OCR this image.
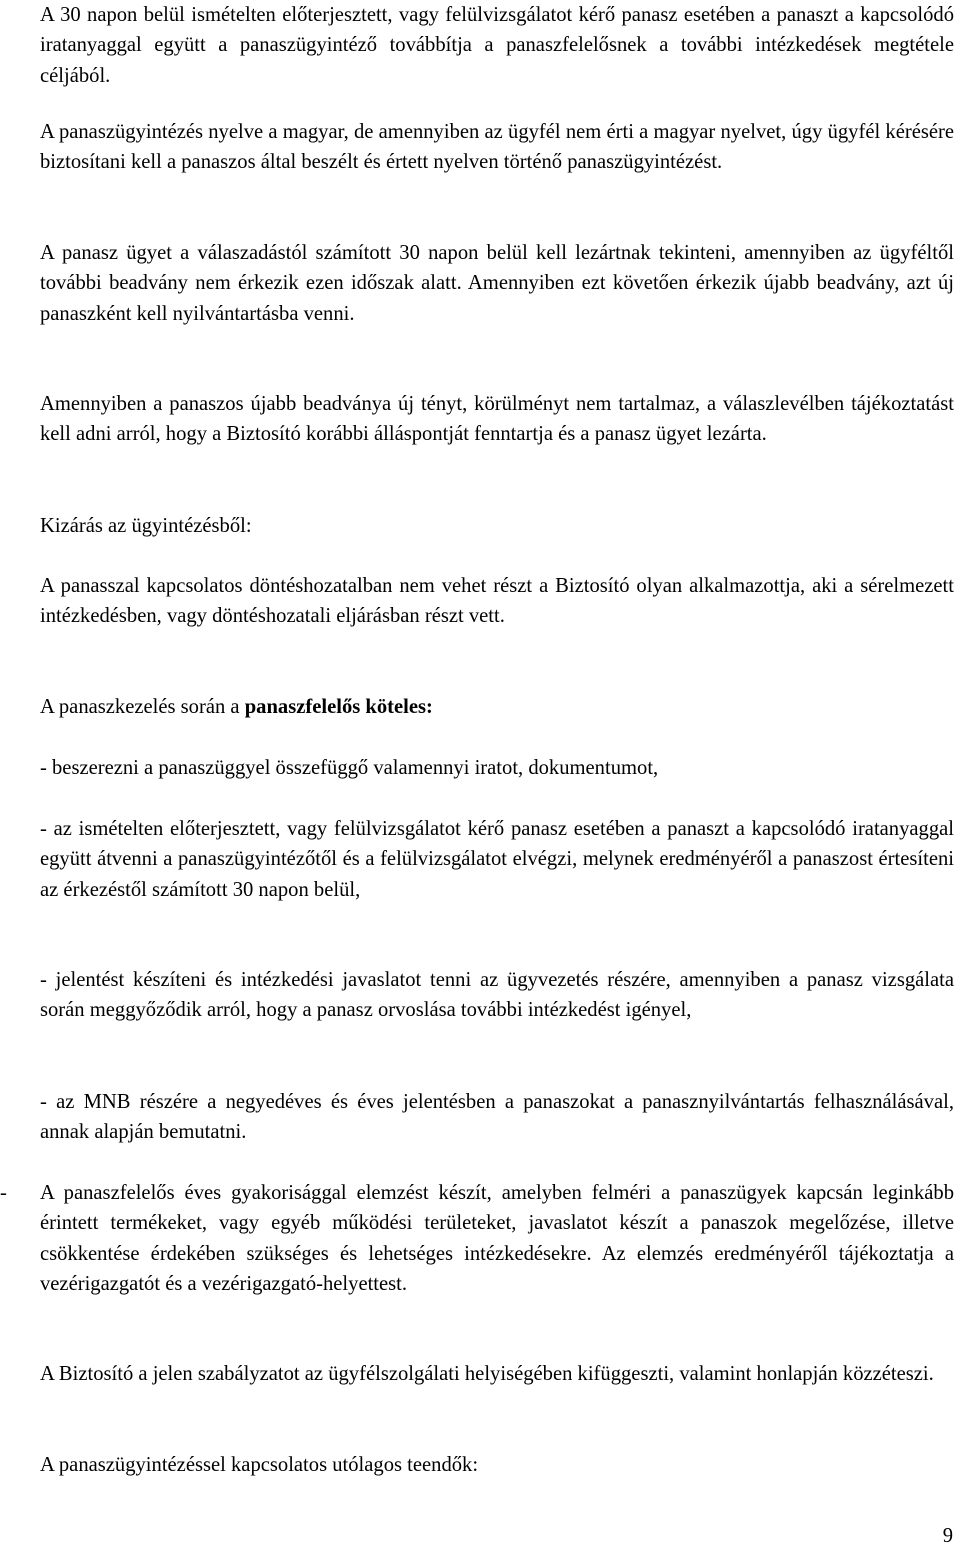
A 30 napon belül ismételten előterjesztett, vagy felülvizsgálatot kérő panasz esetében a panaszt a kapcsolódó iratanyaggal együtt a panaszügyintéző továbbítja a panaszfelelősnek a további intézkedések megtétele céljából.

A panaszügyintézés nyelve a magyar, de amennyiben az ügyfél nem érti a magyar nyelvet, úgy ügyfél kérésére biztosítani kell a panaszos által beszélt és értett nyelven történő panaszügyintézést.

A panasz ügyet a válaszadástól számított 30 napon belül kell lezártnak tekinteni, amennyiben az ügyféltől további beadvány nem érkezik ezen időszak alatt. Amennyiben ezt követően érkezik újabb beadvány, azt új panaszként kell nyilvántartásba venni.

Amennyiben a panaszos újabb beadványa új tényt, körülményt nem tartalmaz, a válaszlevélben tájékoztatást kell adni arról, hogy a Biztosító korábbi álláspontját fenntartja és a panasz ügyet lezárta.

Kizárás az ügyintézésből:

A panasszal kapcsolatos döntéshozatalban nem vehet részt a Biztosító olyan alkalmazottja, aki a sérelmezett intézkedésben, vagy döntéshozatali eljárásban részt vett.

A panaszkezelés során a panaszfelelős köteles:

- beszerezni a panaszüggyel összefüggő valamennyi iratot, dokumentumot,

- az ismételten előterjesztett, vagy felülvizsgálatot kérő panasz esetében a panaszt a kapcsolódó iratanyaggal együtt átvenni a panaszügyintézőtől és a felülvizsgálatot elvégzi, melynek eredményéről a panaszost értesíteni az érkezéstől számított 30 napon belül,

- jelentést készíteni és intézkedési javaslatot tenni az ügyvezetés részére, amennyiben a panasz vizsgálata során meggyőződik arról, hogy a panasz orvoslása további intézkedést igényel,

- az MNB részére a negyedéves és éves jelentésben a panaszokat a panasznyilvántartás felhasználásával, annak alapján bemutatni.

-	A panaszfelelős éves gyakorisággal elemzést készít, amelyben felméri a panaszügyek kapcsán leginkább érintett termékeket, vagy egyéb működési területeket, javaslatot készít a panaszok megelőzése, illetve csökkentése érdekében szükséges és lehetséges intézkedésekre. Az elemzés eredményéről tájékoztatja a vezérigazgatót és a vezérigazgató-helyettest.

A Biztosító a jelen szabályzatot az ügyfélszolgálati helyiségében kifüggeszti, valamint honlapján közzéteszi.

A panaszügyintézéssel kapcsolatos utólagos teendők:

9
